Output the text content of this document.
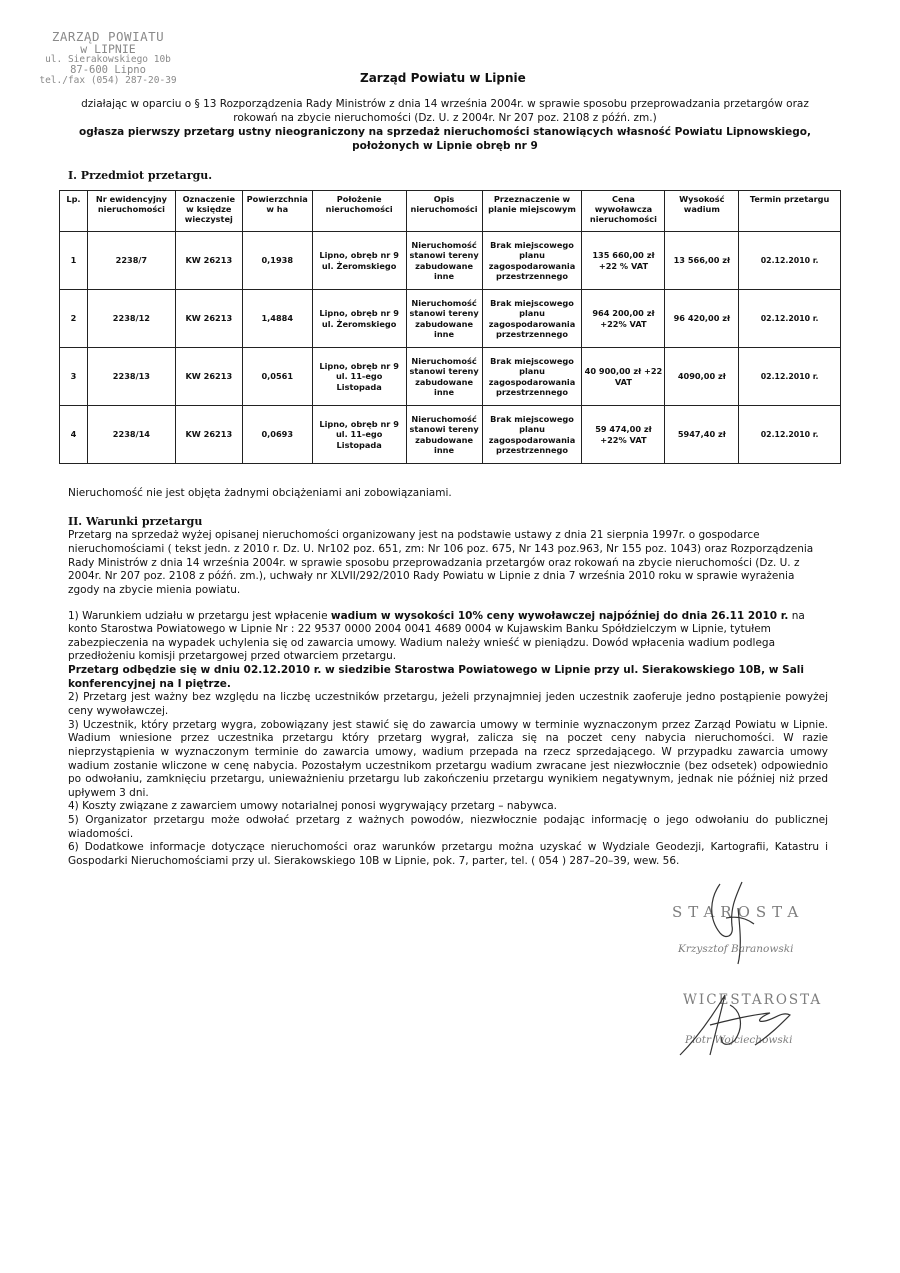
ZARZĄD POWIATU
w LIPNIE
ul. Sierakowskiego 10b
87-600 Lipno
tel./fax (054) 287-20-39	Zarząd Powiatu w Lipnie
działając w oparciu o § 13 Rozporządzenia Rady Ministrów z dnia 14 września 2004r. w sprawie sposobu przeprowadzania przetargów oraz
rokowań na zbycie nieruchomości (Dz. U. z 2004r. Nr 207 poz. 2108 z późń. zm.)
ogłasza pierwszy przetarg ustny nieograniczony na sprzedaż nieruchomości stanowiących własność Powiatu Lipnowskiego,
położonych w Lipnie obręb nr 9
I. Przedmiot przetargu.
Lp.	Nr ewidencyjny nieruchomości	Oznaczenie w księdze wieczystej	Powierzchnia w ha	Położenie nieruchomości	Opis nieruchomości	Przeznaczenie w planie miejscowym	Cena wywoławcza nieruchomości	Wysokość wadium	Termin przetargu
1	2238/7	KW 26213	0,1938	Lipno, obręb nr 9 ul. Żeromskiego	Nieruchomość stanowi tereny zabudowane inne	Brak miejscowego planu zagospodarowania przestrzennego	135 660,00 zł +22 % VAT	13 566,00 zł	02.12.2010 r.
2	2238/12	KW 26213	1,4884	Lipno, obręb nr 9 ul. Żeromskiego	Nieruchomość stanowi tereny zabudowane inne	Brak miejscowego planu zagospodarowania przestrzennego	964 200,00 zł +22% VAT	96 420,00 zł	02.12.2010 r.
3	2238/13	KW 26213	0,0561	Lipno, obręb nr 9 ul. 11-ego Listopada	Nieruchomość stanowi tereny zabudowane inne	Brak miejscowego planu zagospodarowania przestrzennego	40 900,00 zł +22 VAT	4090,00 zł	02.12.2010 r.
4	2238/14	KW 26213	0,0693	Lipno, obręb nr 9 ul. 11-ego Listopada	Nieruchomość stanowi tereny zabudowane inne	Brak miejscowego planu zagospodarowania przestrzennego	59 474,00 zł +22% VAT	5947,40 zł	02.12.2010 r.
Nieruchomość nie jest objęta żadnymi obciążeniami ani zobowiązaniami.
II. Warunki przetargu

Przetarg na sprzedaż wyżej opisanej nieruchomości organizowany jest na podstawie ustawy z dnia 21 sierpnia 1997r. o gospodarce nieruchomościami ( tekst jedn. z 2010 r. Dz. U. Nr102 poz. 651, zm: Nr 106 poz. 675, Nr 143 poz.963, Nr 155 poz. 1043) oraz Rozporządzenia Rady Ministrów z dnia 14 września 2004r. w sprawie sposobu przeprowadzania przetargów oraz rokowań na zbycie nieruchomości (Dz. U. z 2004r. Nr 207 poz. 2108 z późń. zm.), uchwały nr XLVII/292/2010 Rady Powiatu w Lipnie z dnia 7 września 2010 roku w sprawie wyrażenia zgody na zbycie mienia powiatu.

1) Warunkiem udziału w przetargu jest wpłacenie wadium w wysokości 10% ceny wywoławczej najpóźniej do dnia 26.11 2010 r. na konto Starostwa Powiatowego w Lipnie Nr : 22 9537 0000 2004 0041 4689 0004 w Kujawskim Banku Spółdzielczym w Lipnie, tytułem zabezpieczenia na wypadek uchylenia się od zawarcia umowy. Wadium należy wnieść w pieniądzu. Dowód wpłacenia wadium podlega przedłożeniu komisji przetargowej przed otwarciem przetargu.

Przetarg odbędzie się w dniu 02.12.2010 r. w siedzibie Starostwa Powiatowego w Lipnie przy ul. Sierakowskiego 10B, w Sali konferencyjnej na I piętrze.

2) Przetarg jest ważny bez względu na liczbę uczestników przetargu, jeżeli przynajmniej jeden uczestnik zaoferuje jedno postąpienie powyżej ceny wywoławczej.

3) Uczestnik, który przetarg wygra, zobowiązany jest stawić się do zawarcia umowy w terminie wyznaczonym przez Zarząd Powiatu w Lipnie. Wadium wniesione przez uczestnika przetargu który przetarg wygrał, zalicza się na poczet ceny nabycia nieruchomości. W razie nieprzystąpienia w wyznaczonym terminie do zawarcia umowy, wadium przepada na rzecz sprzedającego. W przypadku zawarcia umowy wadium zostanie wliczone w cenę nabycia. Pozostałym uczestnikom przetargu wadium zwracane jest niezwłocznie (bez odsetek) odpowiednio po odwołaniu, zamknięciu przetargu, unieważnieniu przetargu lub zakończeniu przetargu wynikiem negatywnym, jednak nie później niż przed upływem 3 dni.

4) Koszty związane z zawarciem umowy notarialnej ponosi wygrywający przetarg – nabywca.

5) Organizator przetargu może odwołać przetarg z ważnych powodów, niezwłocznie podając informację o jego odwołaniu do publicznej wiadomości.

6) Dodatkowe informacje dotyczące nieruchomości oraz warunków przetargu można uzyskać w Wydziale Geodezji, Kartografii, Katastru i Gospodarki Nieruchomościami przy ul. Sierakowskiego 10B w Lipnie, pok. 7, parter, tel. ( 054 ) 287–20–39, wew. 56.

STAROSTA
Krzysztof Baranowski
WICESTAROSTA
Piotr Wojciechowski
